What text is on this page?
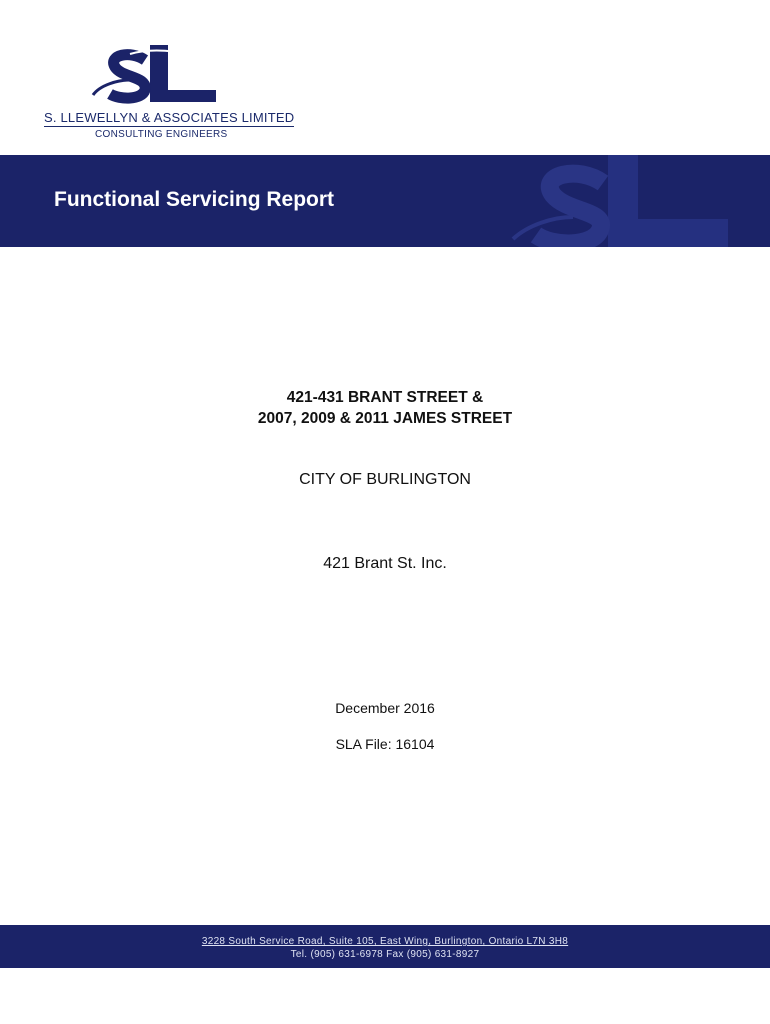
S. LLEWELLYN & ASSOCIATES LIMITED
CONSULTING ENGINEERS
Functional Servicing Report
421-431 BRANT STREET &
2007, 2009 & 2011 JAMES STREET
CITY OF BURLINGTON
421 Brant St. Inc.
December 2016
SLA File: 16104
3228 South Service Road, Suite 105, East Wing, Burlington, Ontario L7N 3H8
Tel. (905) 631-6978 Fax (905) 631-8927
